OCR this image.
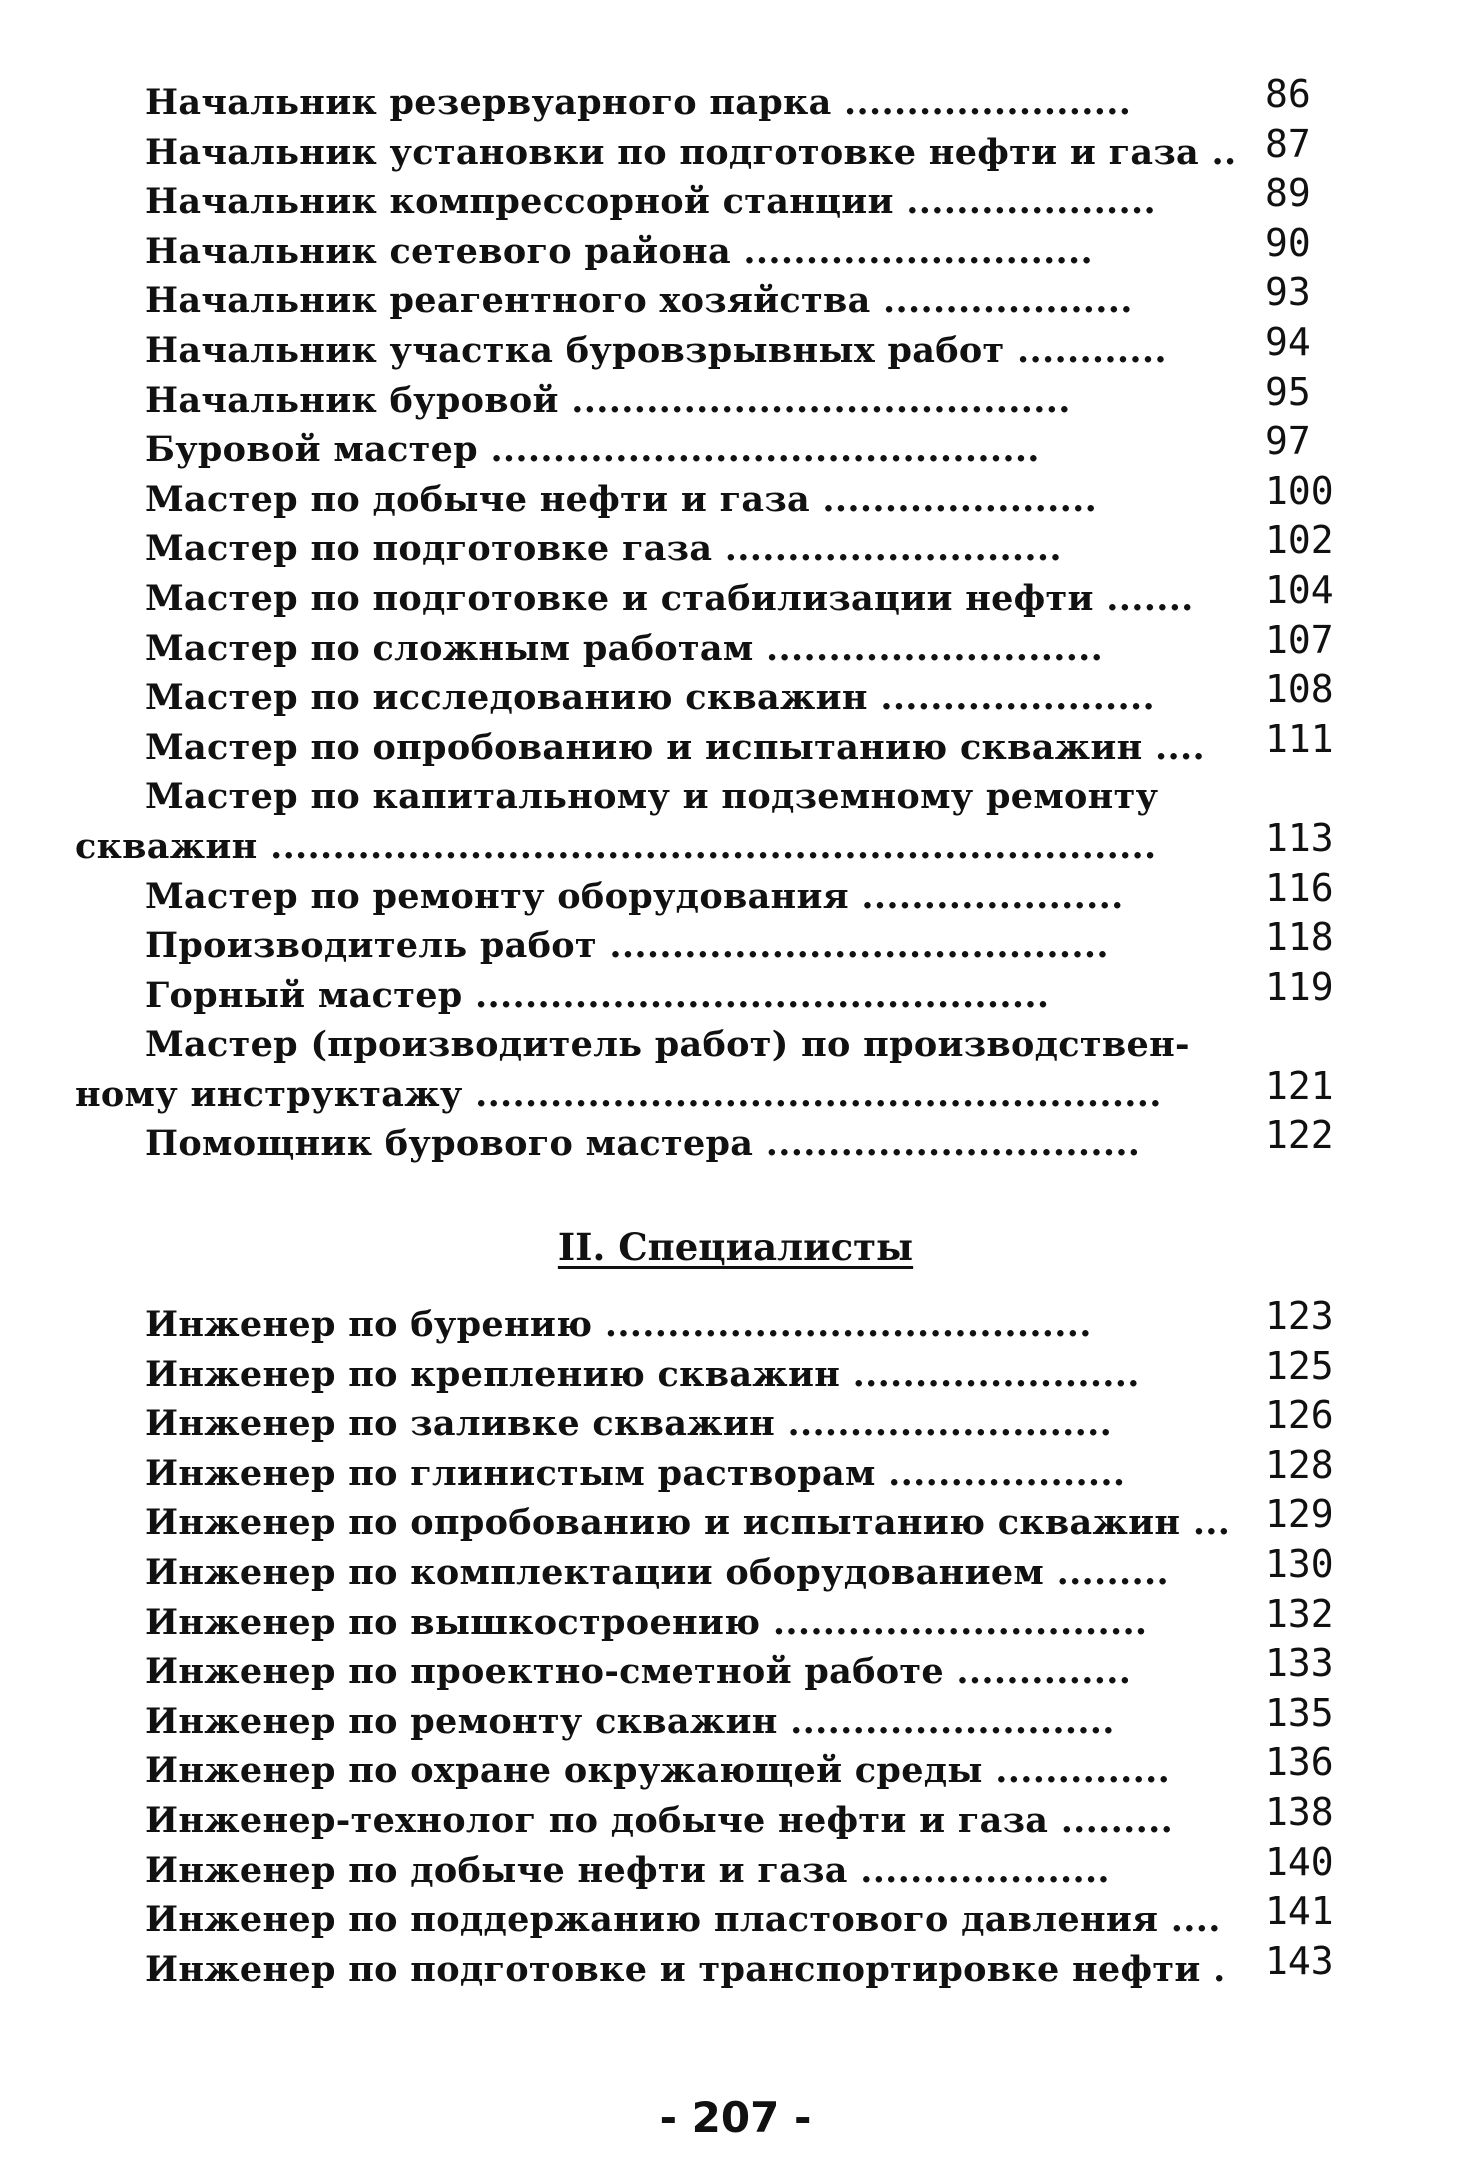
Начальник резервуарного парка .......................	86
Начальник установки по подготовке нефти и газа .. 87
Начальник компрессорной станции ....................	89
Начальник сетевого района ............................	90
Начальник реагентного хозяйства ....................	93
Начальник участка буровзрывных работ ............	94
Начальник буровой ........................................	95
Буровой мастер ............................................	97
Мастер по добыче нефти и газа ......................	100
Мастер по подготовке газа ...........................	102
Мастер по подготовке и стабилизации нефти ....... 104
Мастер по сложным работам ...........................	107
Мастер по исследованию скважин ......................	108
Мастер по опробованию и испытанию скважин .... 111
Мастер по капитальному и подземному ремонту
скважин .......................................................................	113
Мастер по ремонту оборудования .....................	116
Производитель работ ........................................	118
Горный мастер ..............................................	119
Мастер (производитель работ) по производствен-
ному инструктажу .......................................................	121
Помощник бурового мастера ..............................	122
II. Специалисты
Инженер по бурению .......................................	123
Инженер по креплению скважин .......................	125
Инженер по заливке скважин ..........................	126
Инженер по глинистым растворам ...................	128
Инженер по опробованию и испытанию скважин ... 129
Инженер по комплектации оборудованием .........	130
Инженер по вышкостроению ..............................	132
Инженер по проектно-сметной работе ..............	133
Инженер по ремонту скважин ..........................	135
Инженер по охране окружающей среды .............. 136
Инженер-технолог по добыче нефти и газа ......... 138
Инженер по добыче нефти и газа ....................	140
Инженер по поддержанию пластового давления .... 141
Инженер по подготовке и транспортировке нефти . 143
- 207 -
